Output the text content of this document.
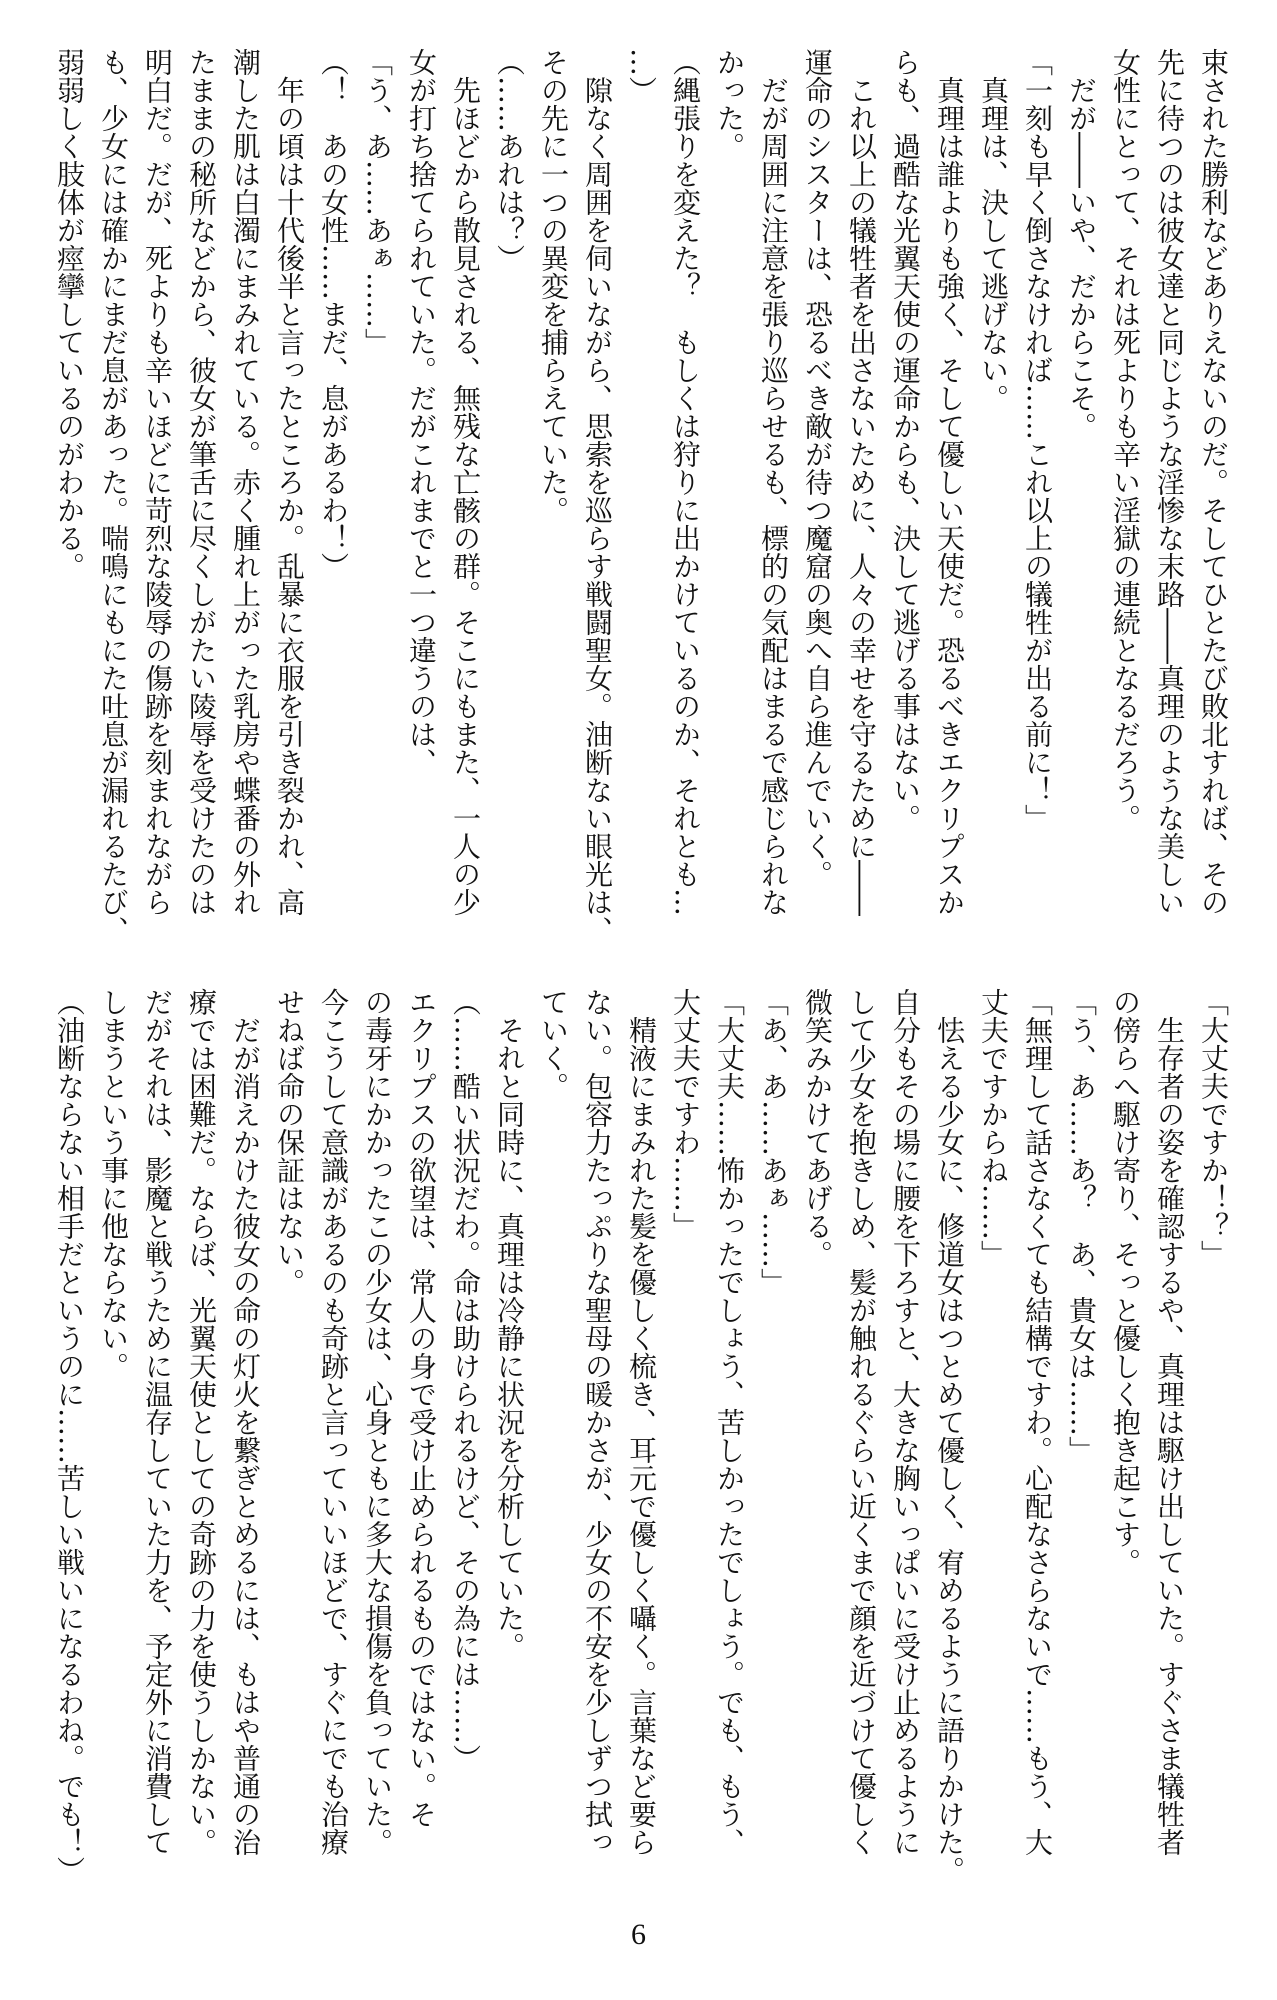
束された勝利などありえないのだ。そしてひとたび敗北すれば、その
先に待つのは彼女達と同じような淫惨な末路――真理のような美しい
女性にとって、それは死よりも辛い淫獄の連続となるだろう。
　だが――いや、だからこそ。
「一刻も早く倒さなければ……これ以上の犠牲が出る前に！」
　真理は、決して逃げない。
　真理は誰よりも強く、そして優しい天使だ。恐るべきエクリプスか
らも、過酷な光翼天使の運命からも、決して逃げる事はない。
　これ以上の犠牲者を出さないために、人々の幸せを守るために――
運命のシスターは、恐るべき敵が待つ魔窟の奥へ自ら進んでいく。
　だが周囲に注意を張り巡らせるも、標的の気配はまるで感じられな
かった。
（縄張りを変えた？　もしくは狩りに出かけているのか、それとも…
…）
　隙なく周囲を伺いながら、思索を巡らす戦闘聖女。油断ない眼光は、
その先に一つの異変を捕らえていた。
（……あれは？）
　先ほどから散見される、無残な亡骸の群。そこにもまた、一人の少
女が打ち捨てられていた。だがこれまでと一つ違うのは、
「う、あ……あぁ……」
（！　あの女性……まだ、息があるわ！）
　年の頃は十代後半と言ったところか。乱暴に衣服を引き裂かれ、高
潮した肌は白濁にまみれている。赤く腫れ上がった乳房や蝶番の外れ
たままの秘所などから、彼女が筆舌に尽くしがたい陵辱を受けたのは
明白だ。だが、死よりも辛いほどに苛烈な陵辱の傷跡を刻まれながら
も、少女には確かにまだ息があった。喘鳴にもにた吐息が漏れるたび、
弱弱しく肢体が痙攣しているのがわかる。
「大丈夫ですか！？」
　生存者の姿を確認するや、真理は駆け出していた。すぐさま犠牲者
の傍らへ駆け寄り、そっと優しく抱き起こす。
「う、あ……あ？　あ、貴女は……」
「無理して話さなくても結構ですわ。心配なさらないで……もう、大
丈夫ですからね……」
　怯える少女に、修道女はつとめて優しく、宥めるように語りかけた。
自分もその場に腰を下ろすと、大きな胸いっぱいに受け止めるように
して少女を抱きしめ、髪が触れるぐらい近くまで顔を近づけて優しく
微笑みかけてあげる。
「あ、あ……あぁ……」
「大丈夫……怖かったでしょう、苦しかったでしょう。でも、もう、
大丈夫ですわ……」
　精液にまみれた髪を優しく梳き、耳元で優しく囁く。言葉など要ら
ない。包容力たっぷりな聖母の暖かさが、少女の不安を少しずつ拭っ
ていく。
　それと同時に、真理は冷静に状況を分析していた。
（……酷い状況だわ。命は助けられるけど、その為には……）
エクリプスの欲望は、常人の身で受け止められるものではない。そ
の毒牙にかかったこの少女は、心身ともに多大な損傷を負っていた。
今こうして意識があるのも奇跡と言っていいほどで、すぐにでも治療
せねば命の保証はない。
　だが消えかけた彼女の命の灯火を繋ぎとめるには、もはや普通の治
療では困難だ。ならば、光翼天使としての奇跡の力を使うしかない。
だがそれは、影魔と戦うために温存していた力を、予定外に消費して
しまうという事に他ならない。
（油断ならない相手だというのに……苦しい戦いになるわね。でも！）
6
